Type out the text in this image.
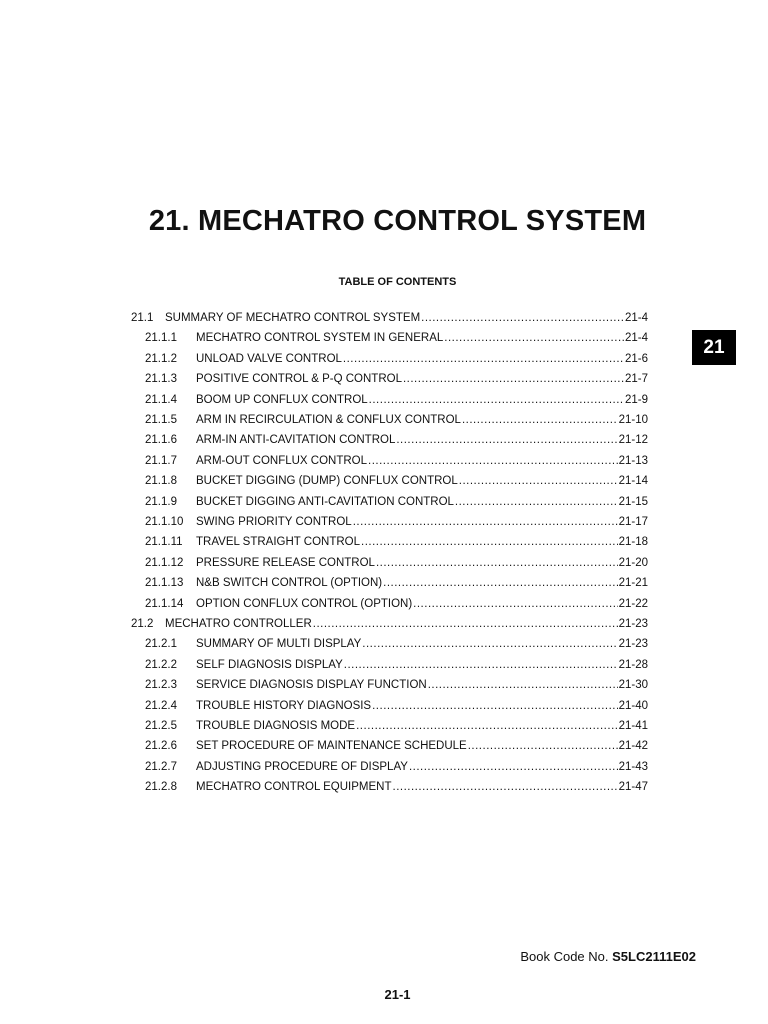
21. MECHATRO CONTROL SYSTEM
TABLE OF CONTENTS
21.1 SUMMARY OF MECHATRO CONTROL SYSTEM .....	21-4
21.1.1 MECHATRO CONTROL SYSTEM IN GENERAL .....	21-4
21.1.2 UNLOAD VALVE CONTROL .....	21-6
21.1.3 POSITIVE CONTROL & P-Q CONTROL .....	21-7
21.1.4 BOOM UP CONFLUX CONTROL .....	21-9
21.1.5 ARM IN RECIRCULATION & CONFLUX CONTROL .....	21-10
21.1.6 ARM-IN ANTI-CAVITATION CONTROL .....	21-12
21.1.7 ARM-OUT CONFLUX CONTROL .....	21-13
21.1.8 BUCKET DIGGING (DUMP) CONFLUX CONTROL .....	21-14
21.1.9 BUCKET DIGGING ANTI-CAVITATION CONTROL .....	21-15
21.1.10 SWING PRIORITY CONTROL .....	21-17
21.1.11 TRAVEL STRAIGHT CONTROL .....	21-18
21.1.12 PRESSURE RELEASE CONTROL .....	21-20
21.1.13 N&B SWITCH CONTROL (OPTION) .....	21-21
21.1.14 OPTION CONFLUX CONTROL (OPTION) .....	21-22
21.2 MECHATRO CONTROLLER .....	21-23
21.2.1 SUMMARY OF MULTI DISPLAY .....	21-23
21.2.2 SELF DIAGNOSIS DISPLAY .....	21-28
21.2.3 SERVICE DIAGNOSIS DISPLAY FUNCTION .....	21-30
21.2.4 TROUBLE HISTORY DIAGNOSIS .....	21-40
21.2.5 TROUBLE DIAGNOSIS MODE .....	21-41
21.2.6 SET PROCEDURE OF MAINTENANCE SCHEDULE .....	21-42
21.2.7 ADJUSTING PROCEDURE OF DISPLAY .....	21-43
21.2.8 MECHATRO CONTROL EQUIPMENT .....	21-47
21
Book Code No. S5LC2111E02
21-1
